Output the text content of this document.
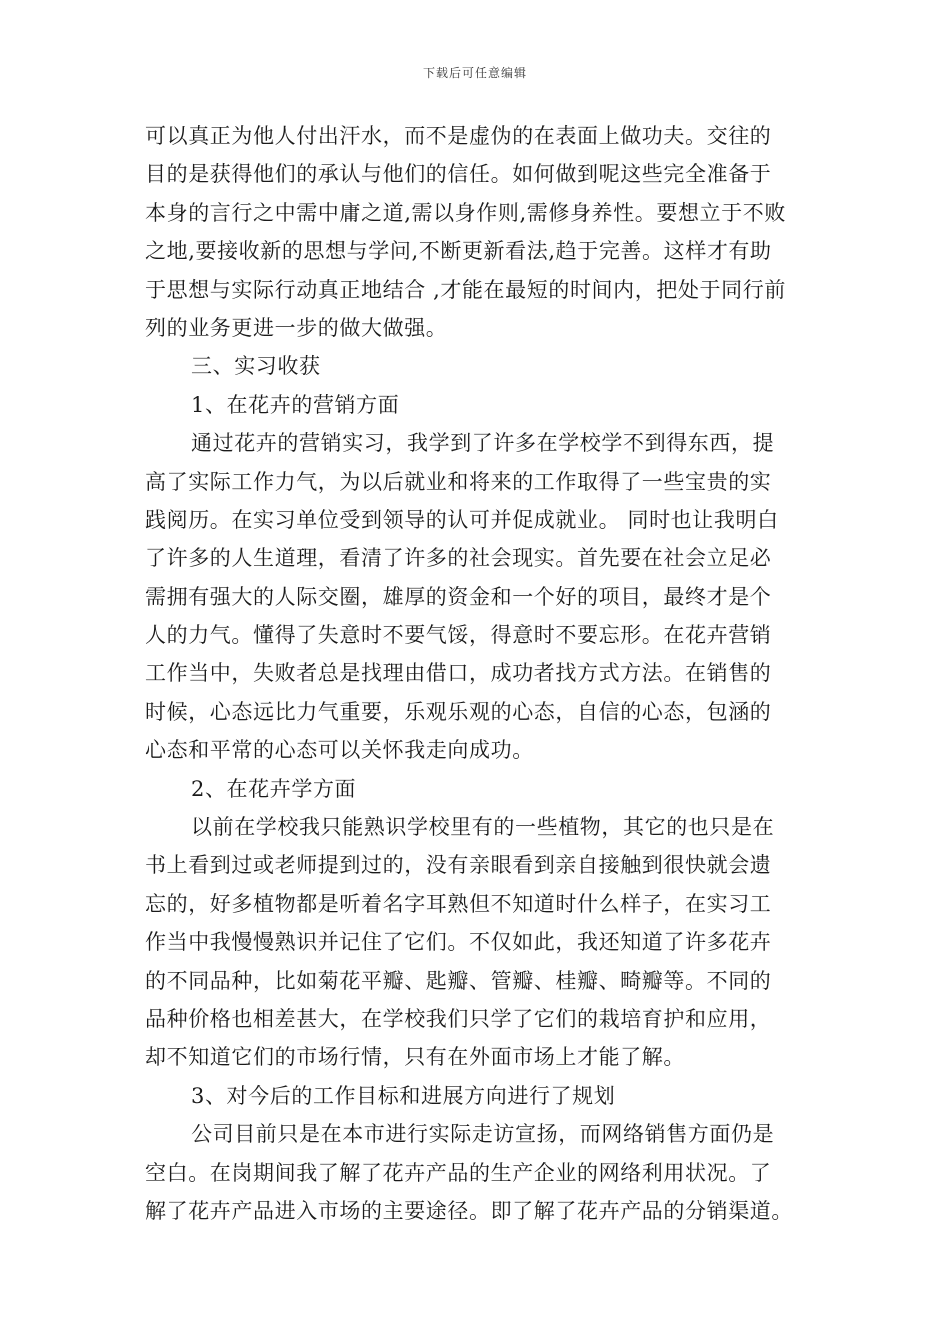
下载后可任意编辑
可以真正为他人付出汗水，而不是虚伪的在表面上做功夫。交往的
目的是获得他们的承认与他们的信任。如何做到呢这些完全准备于
本身的言行之中需中庸之道,需以身作则,需修身养性。要想立于不败
之地,要接收新的思想与学问,不断更新看法,趋于完善。这样才有助
于思想与实际行动真正地结合 ,才能在最短的时间内，把处于同行前
列的业务更进一步的做大做强。
三、实习收获
1、在花卉的营销方面
通过花卉的营销实习，我学到了许多在学校学不到得东西，提
高了实际工作力气，为以后就业和将来的工作取得了一些宝贵的实
践阅历。在实习单位受到领导的认可并促成就业。 同时也让我明白
了许多的人生道理，看清了许多的社会现实。首先要在社会立足必
需拥有强大的人际交圈，雄厚的资金和一个好的项目，最终才是个
人的力气。懂得了失意时不要气馁，得意时不要忘形。在花卉营销
工作当中，失败者总是找理由借口，成功者找方式方法。在销售的
时候，心态远比力气重要，乐观乐观的心态，自信的心态，包涵的
心态和平常的心态可以关怀我走向成功。
2、在花卉学方面
以前在学校我只能熟识学校里有的一些植物，其它的也只是在
书上看到过或老师提到过的，没有亲眼看到亲自接触到很快就会遗
忘的，好多植物都是听着名字耳熟但不知道时什么样子，在实习工
作当中我慢慢熟识并记住了它们。不仅如此，我还知道了许多花卉
的不同品种，比如菊花平瓣、匙瓣、管瓣、桂瓣、畸瓣等。不同的
品种价格也相差甚大，在学校我们只学了它们的栽培育护和应用，
却不知道它们的市场行情，只有在外面市场上才能了解。
3、对今后的工作目标和进展方向进行了规划
公司目前只是在本市进行实际走访宣扬，而网络销售方面仍是
空白。在岗期间我了解了花卉产品的生产企业的网络利用状况。了
解了花卉产品进入市场的主要途径。即了解了花卉产品的分销渠道。
